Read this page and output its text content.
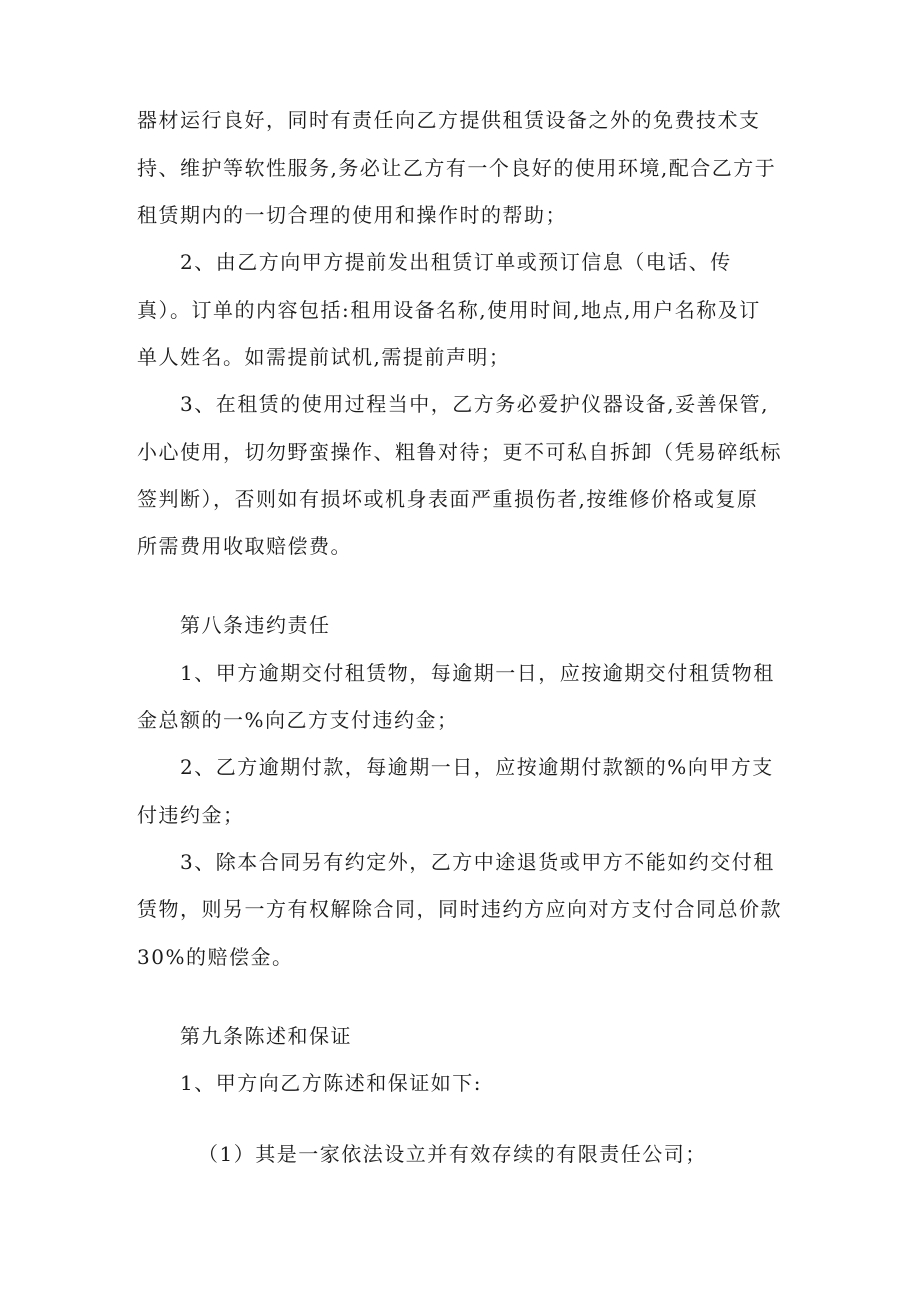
器材运行良好，同时有责任向乙方提供租赁设备之外的免费技术支
持、维护等软性服务,务必让乙方有一个良好的使用环境,配合乙方于
租赁期内的一切合理的使用和操作时的帮助；
2、由乙方向甲方提前发出租赁订单或预订信息（电话、传
真）。订单的内容包括:租用设备名称,使用时间,地点,用户名称及订
单人姓名。如需提前试机,需提前声明；
3、在租赁的使用过程当中，乙方务必爱护仪器设备,妥善保管,
小心使用，切勿野蛮操作、粗鲁对待；更不可私自拆卸（凭易碎纸标
签判断），否则如有损坏或机身表面严重损伤者,按维修价格或复原
所需费用收取赔偿费。
第八条违约责任
1、甲方逾期交付租赁物，每逾期一日，应按逾期交付租赁物租
金总额的一%向乙方支付违约金；
2、乙方逾期付款，每逾期一日，应按逾期付款额的%向甲方支
付违约金；
3、除本合同另有约定外，乙方中途退货或甲方不能如约交付租
赁物，则另一方有权解除合同，同时违约方应向对方支付合同总价款
30%的赔偿金。
第九条陈述和保证
1、甲方向乙方陈述和保证如下:
（1）其是一家依法设立并有效存续的有限责任公司；
